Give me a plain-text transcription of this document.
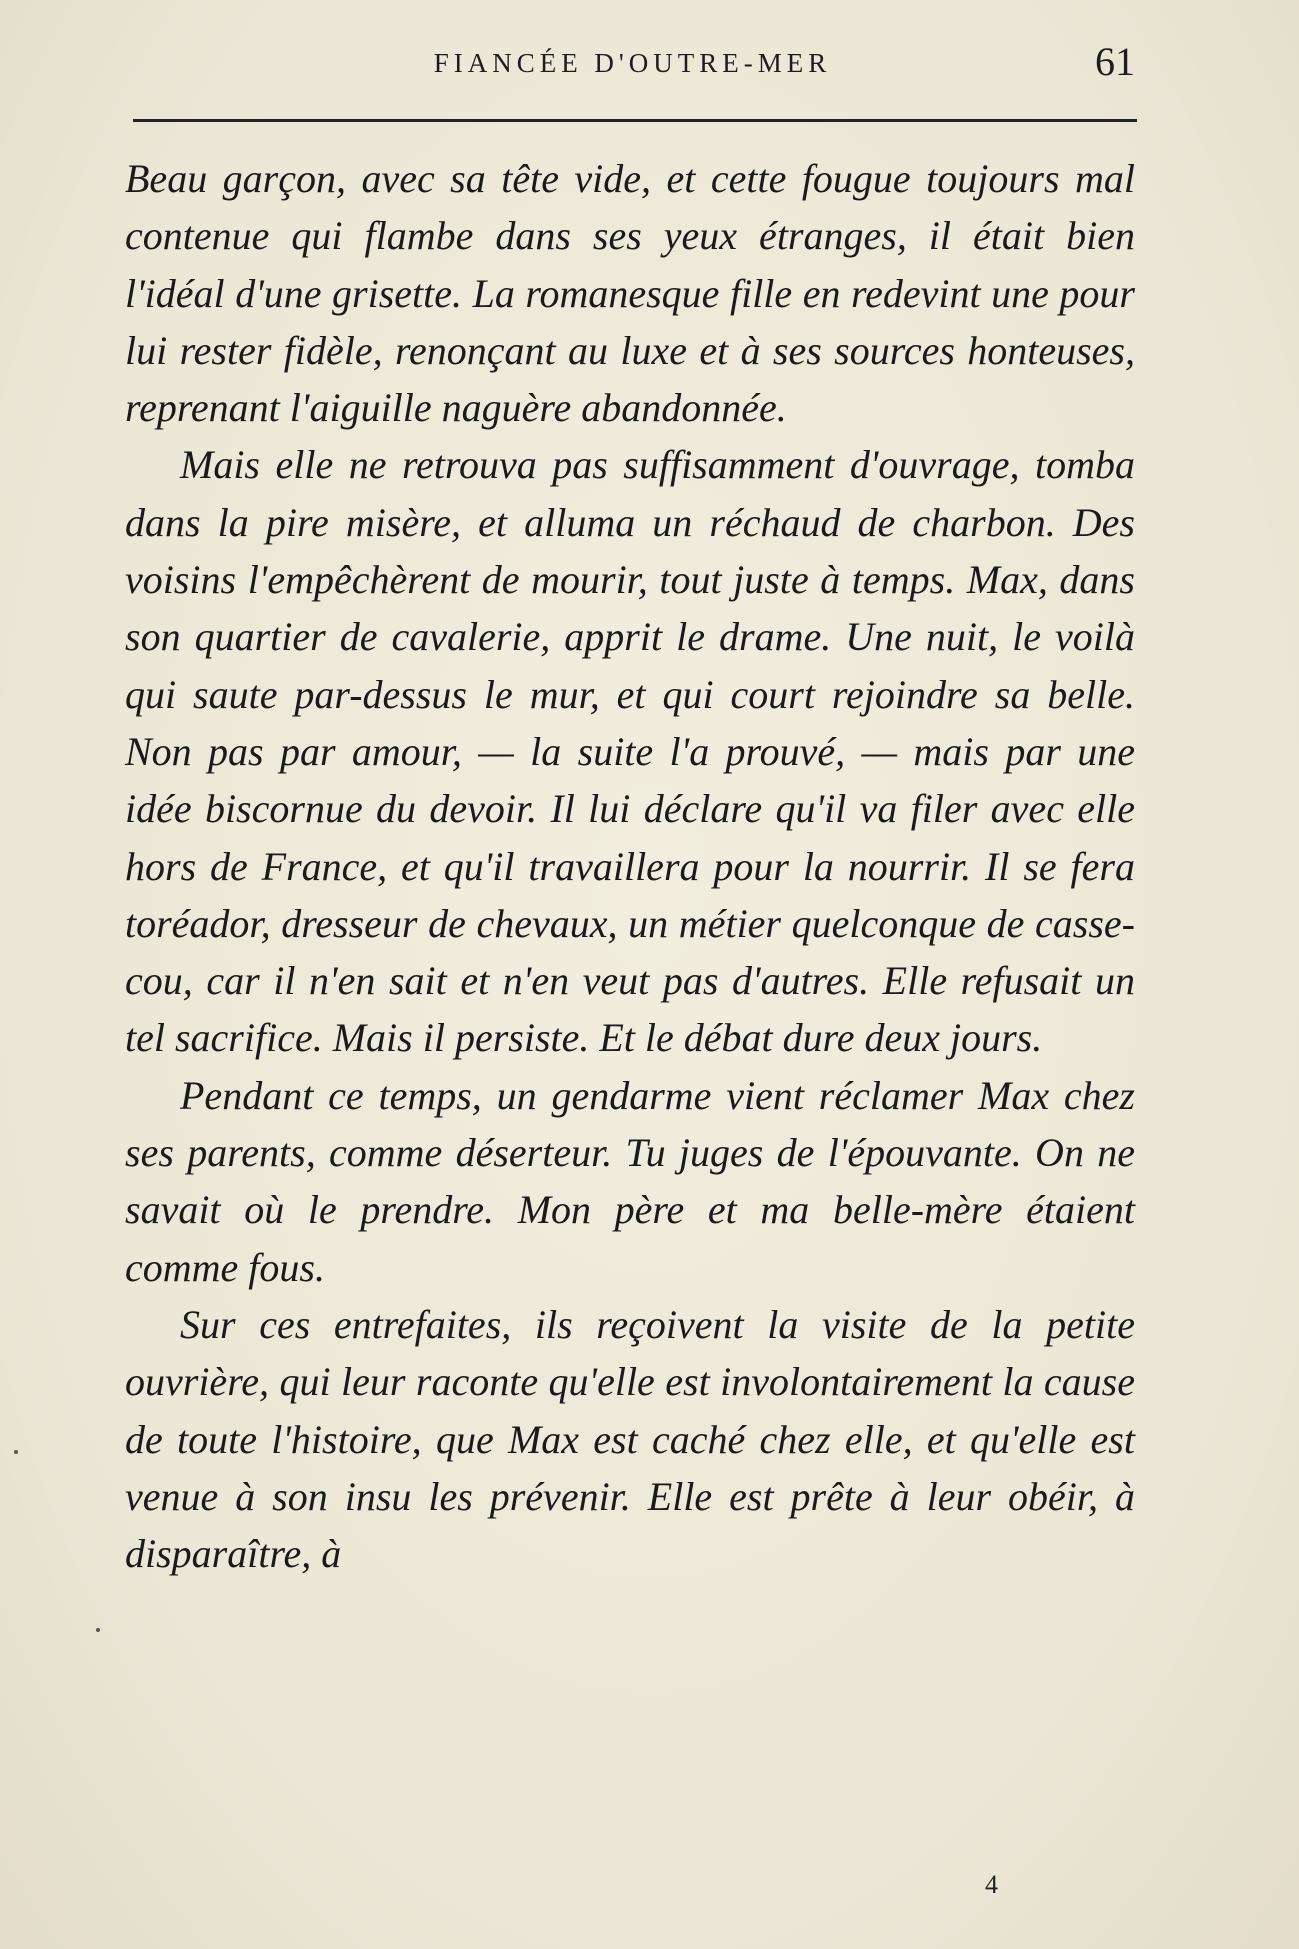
FIANCÉE D'OUTRE-MER	61

Beau garçon, avec sa tête vide, et cette fougue toujours mal contenue qui flambe dans ses yeux étranges, il était bien l'idéal d'une grisette. La romanesque fille en redevint une pour lui rester fidèle, renonçant au luxe et à ses sources honteuses, reprenant l'aiguille naguère abandonnée.

Mais elle ne retrouva pas suffisamment d'ouvrage, tomba dans la pire misère, et alluma un réchaud de charbon. Des voisins l'empêchèrent de mourir, tout juste à temps. Max, dans son quartier de cavalerie, apprit le drame. Une nuit, le voilà qui saute par-dessus le mur, et qui court rejoindre sa belle. Non pas par amour, — la suite l'a prouvé, — mais par une idée biscornue du devoir. Il lui déclare qu'il va filer avec elle hors de France, et qu'il travaillera pour la nourrir. Il se fera toréador, dresseur de chevaux, un métier quelconque de casse-cou, car il n'en sait et n'en veut pas d'autres. Elle refusait un tel sacrifice. Mais il persiste. Et le débat dure deux jours.

Pendant ce temps, un gendarme vient réclamer Max chez ses parents, comme déserteur. Tu juges de l'épouvante. On ne savait où le prendre. Mon père et ma belle-mère étaient comme fous.

Sur ces entrefaites, ils reçoivent la visite de la petite ouvrière, qui leur raconte qu'elle est involontairement la cause de toute l'histoire, que Max est caché chez elle, et qu'elle est venue à son insu les prévenir. Elle est prête à leur obéir, à disparaître, à

4
